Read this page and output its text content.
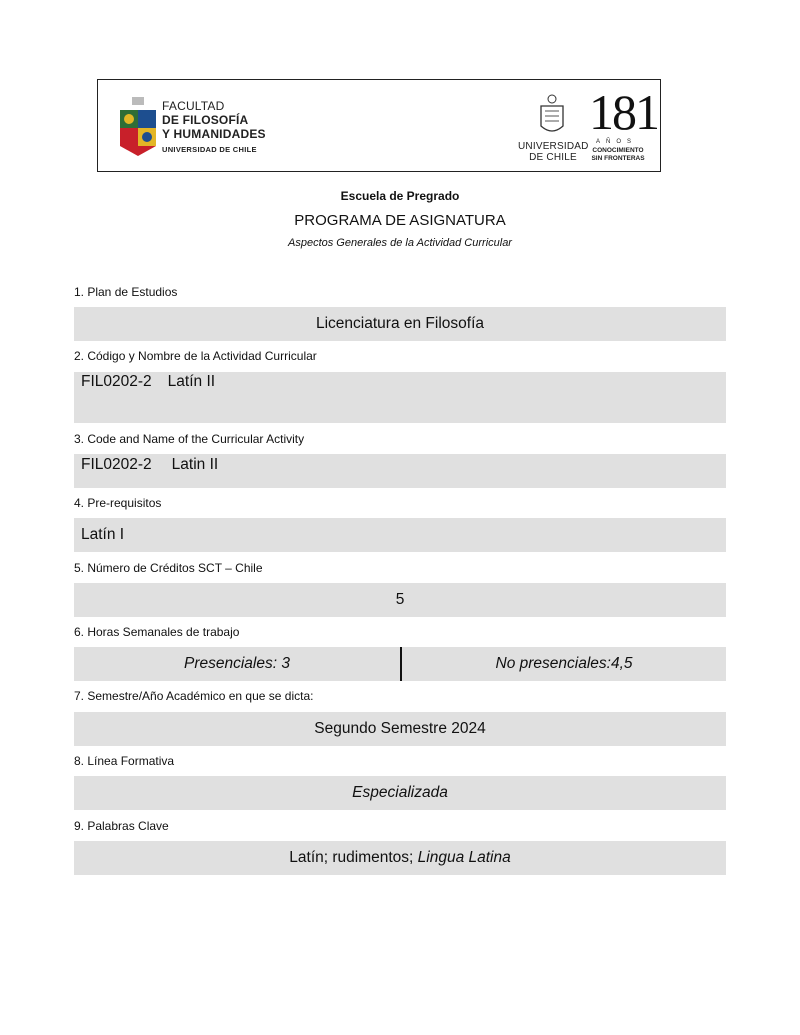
FACULTAD
DE FILOSOFÍA
Y HUMANIDADES
UNIVERSIDAD DE CHILE	UNIVERSIDAD
DE CHILE
181
AÑOS
CONOCIMIENTO
SIN FRONTERAS
Escuela de Pregrado
PROGRAMA DE ASIGNATURA
Aspectos Generales de la Actividad Curricular
1. Plan de Estudios
Licenciatura en Filosofía
2. Código y Nombre de la Actividad Curricular
FIL0202-2 Latín II
3. Code and Name of the Curricular Activity
FIL0202-2 Latin II
4. Pre-requisitos
Latín I
5. Número de Créditos SCT – Chile
5
6. Horas Semanales de trabajo
Presenciales: 3	No presenciales:4,5
7. Semestre/Año Académico en que se dicta:
Segundo Semestre 2024
8. Línea Formativa
Especializada
9. Palabras Clave
Latín; rudimentos; Lingua Latina
